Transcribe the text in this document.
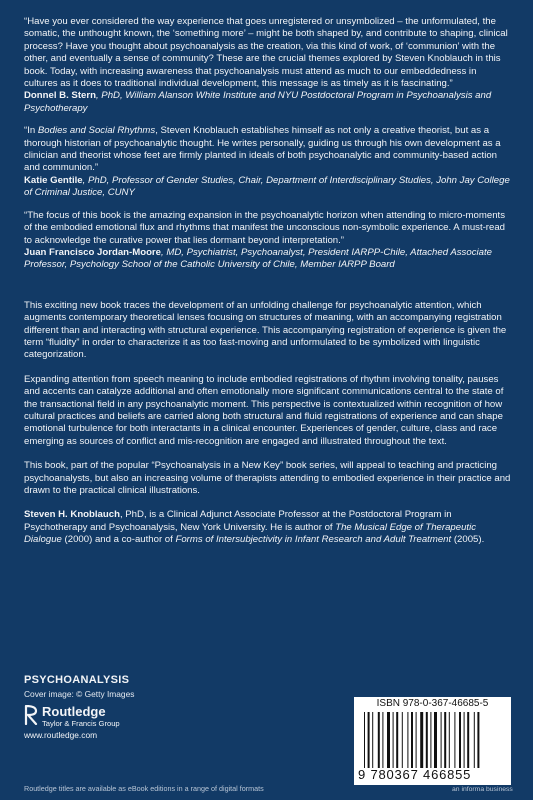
“Have you ever considered the way experience that goes unregistered or unsymbolized – the unformulated, the somatic, the unthought known, the ‘something more’ – might be both shaped by, and contribute to shaping, clinical process? Have you thought about psychoanalysis as the creation, via this kind of work, of ‘communion’ with the other, and eventually a sense of community? These are the crucial themes explored by Steven Knoblauch in this book. Today, with increasing awareness that psychoanalysis must attend as much to our embeddedness in cultures as it does to traditional individual development, this message is as timely as it is fascinating.”

Donnel B. Stern, PhD, William Alanson White Institute and NYU Postdoctoral Program in Psychoanalysis and Psychotherapy

“In Bodies and Social Rhythms, Steven Knoblauch establishes himself as not only a creative theorist, but as a thorough historian of psychoanalytic thought. He writes personally, guiding us through his own development as a clinician and theorist whose feet are firmly planted in ideals of both psychoanalytic and community-based action and communion.”

Katie Gentile, PhD, Professor of Gender Studies, Chair, Department of Interdisciplinary Studies, John Jay College of Criminal Justice, CUNY

“The focus of this book is the amazing expansion in the psychoanalytic horizon when attending to micro-moments of the embodied emotional flux and rhythms that manifest the unconscious non-symbolic experience. A must-read to acknowledge the curative power that lies dormant beyond interpretation.”

Juan Francisco Jordan-Moore, MD, Psychiatrist, Psychoanalyst, President IARPP-Chile, Attached Associate Professor, Psychology School of the Catholic University of Chile, Member IARPP Board

This exciting new book traces the development of an unfolding challenge for psychoanalytic attention, which augments contemporary theoretical lenses focusing on structures of meaning, with an accompanying registration different than and interacting with structural experience. This accompanying registration of experience is given the term “fluidity” in order to characterize it as too fast-moving and unformulated to be symbolized with linguistic categorization.

Expanding attention from speech meaning to include embodied registrations of rhythm involving tonality, pauses and accents can catalyze additional and often emotionally more significant communications central to the state of the transactional field in any psychoanalytic moment. This perspective is contextualized within recognition of how cultural practices and beliefs are carried along both structural and fluid registrations of experience and can shape emotional turbulence for both interactants in a clinical encounter. Experiences of gender, culture, class and race emerging as sources of conflict and mis-recognition are engaged and illustrated throughout the text.

This book, part of the popular “Psychoanalysis in a New Key” book series, will appeal to teaching and practicing psychoanalysts, but also an increasing volume of therapists attending to embodied experience in their practice and drawn to the practical clinical illustrations.

Steven H. Knoblauch, PhD, is a Clinical Adjunct Associate Professor at the Postdoctoral Program in Psychotherapy and Psychoanalysis, New York University. He is author of The Musical Edge of Therapeutic Dialogue (2000) and a co-author of Forms of Intersubjectivity in Infant Research and Adult Treatment (2005).

PSYCHOANALYSIS
Cover image: © Getty Images
Routledge
Taylor & Francis Group
www.routledge.com
Routledge titles are available as eBook editions in a range of digital formats
ISBN 978-0-367-46685-5
9 780367 466855
an informa business
